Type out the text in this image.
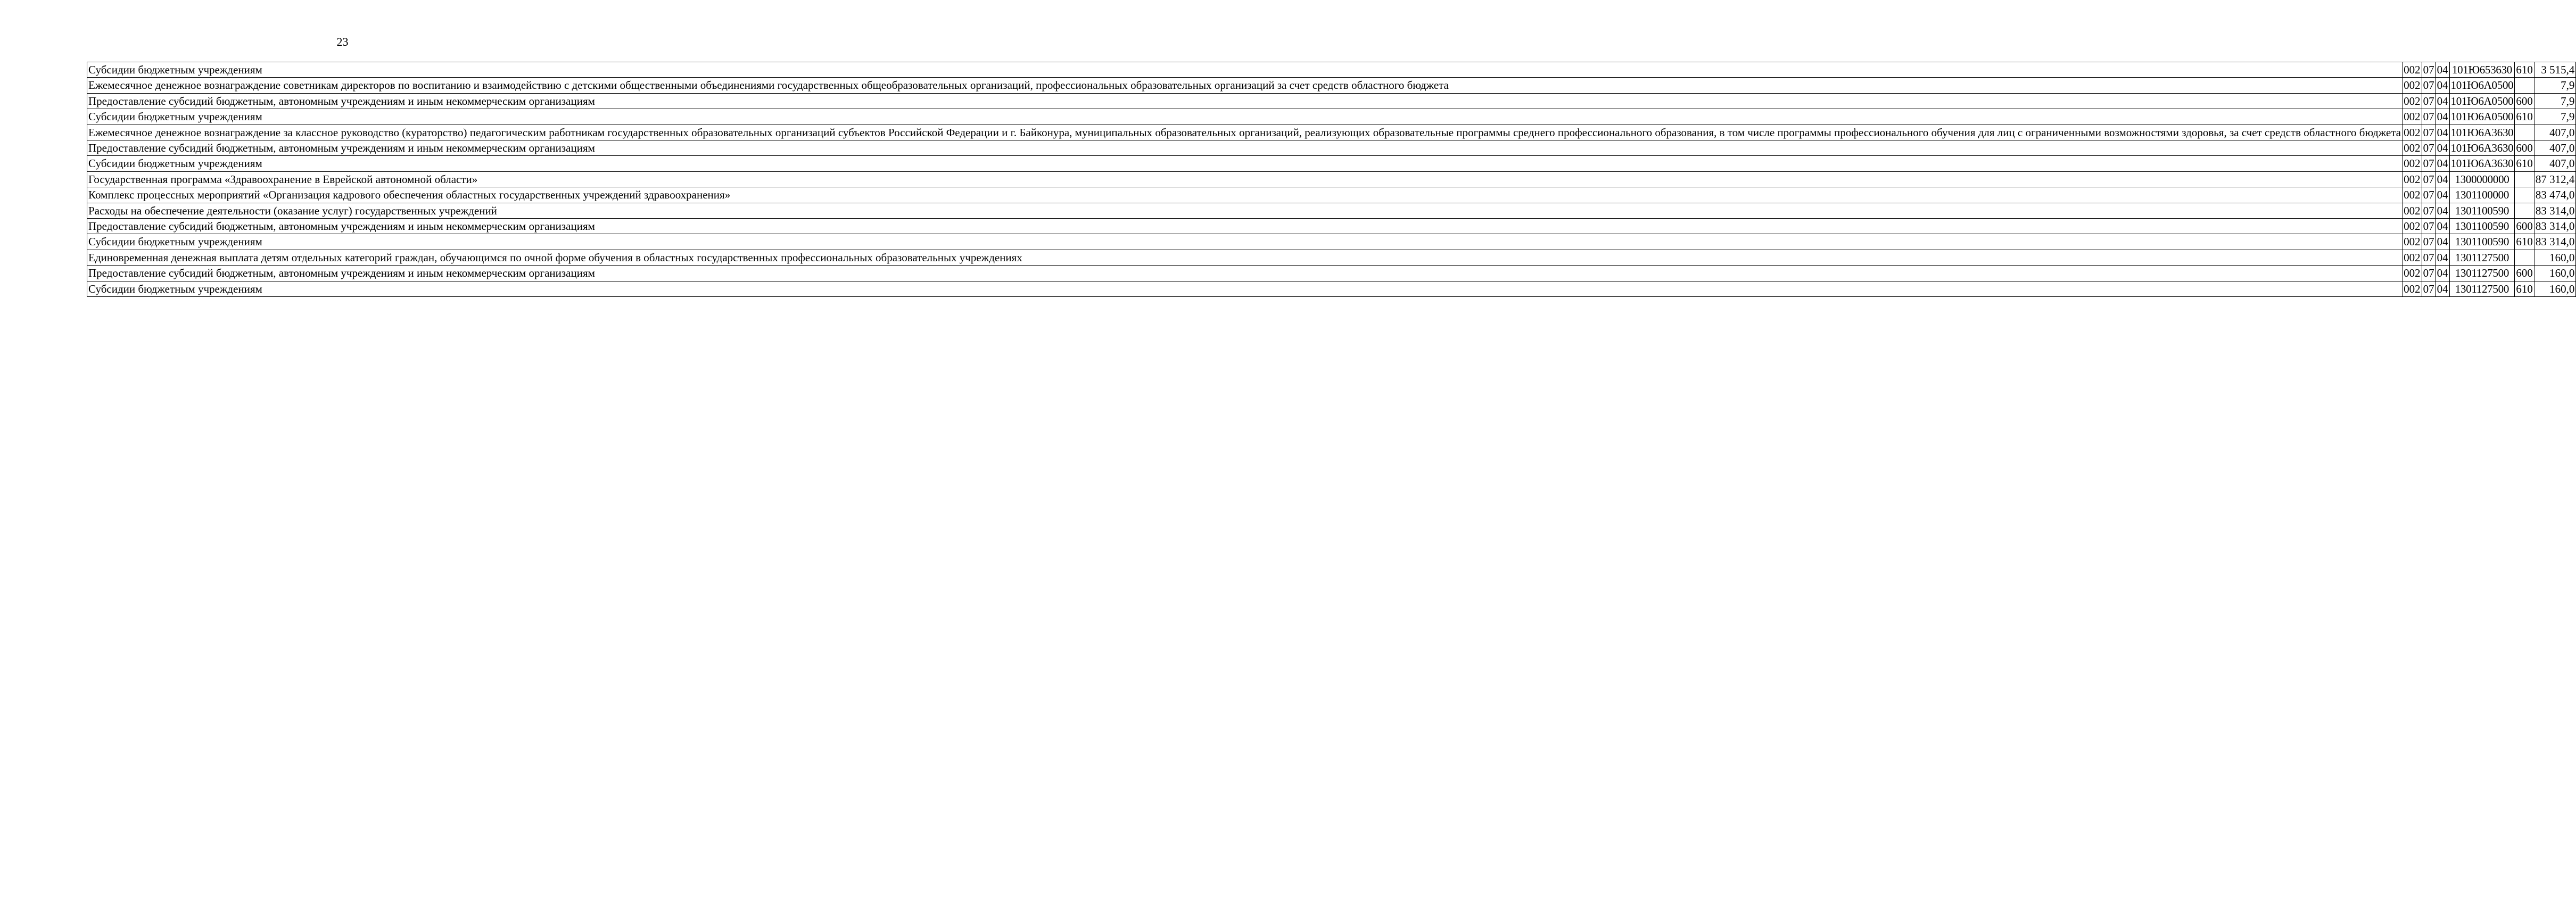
23
Субсидии бюджетным учреждениям	002	07	04	101Ю653630	610	3 515,4
Ежемесячное денежное вознаграждение советникам директоров по воспитанию и взаимодействию с детскими общественными объединениями государственных общеобразовательных организаций, профессиональных образовательных организаций за счет средств областного бюджета	002	07	04	101Ю6А0500		7,9
Предоставление субсидий бюджетным, автономным учреждениям и иным некоммерческим организациям	002	07	04	101Ю6А0500	600	7,9
Субсидии бюджетным учреждениям	002	07	04	101Ю6А0500	610	7,9
Ежемесячное денежное вознаграждение за классное руководство (кураторство) педагогическим работникам государственных образовательных организаций субъектов Российской Федерации и г. Байконура, муниципальных образовательных организаций, реализующих образовательные программы среднего профессионального образования, в том числе программы профессионального обучения для лиц с ограниченными возможностями здоровья, за счет средств областного бюджета	002	07	04	101Ю6А3630		407,0
Предоставление субсидий бюджетным, автономным учреждениям и иным некоммерческим организациям	002	07	04	101Ю6А3630	600	407,0
Субсидии бюджетным учреждениям	002	07	04	101Ю6А3630	610	407,0
Государственная программа «Здравоохранение в Еврейской автономной области»	002	07	04	1300000000		87 312,4
Комплекс процессных мероприятий «Организация кадрового обеспечения областных государственных учреждений здравоохранения»	002	07	04	1301100000		83 474,0
Расходы на обеспечение деятельности (оказание услуг) государственных учреждений	002	07	04	1301100590		83 314,0
Предоставление субсидий бюджетным, автономным учреждениям и иным некоммерческим организациям	002	07	04	1301100590	600	83 314,0
Субсидии бюджетным учреждениям	002	07	04	1301100590	610	83 314,0
Единовременная денежная выплата детям отдельных категорий граждан, обучающимся по очной форме обучения в областных государственных профессиональных образовательных учреждениях	002	07	04	1301127500		160,0
Предоставление субсидий бюджетным, автономным учреждениям и иным некоммерческим организациям	002	07	04	1301127500	600	160,0
Субсидии бюджетным учреждениям	002	07	04	1301127500	610	160,0
